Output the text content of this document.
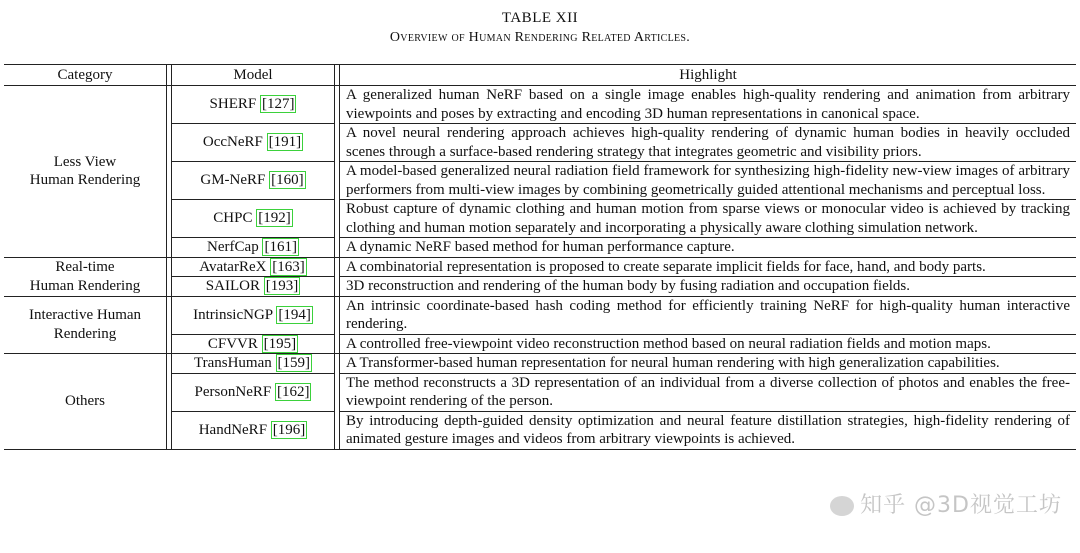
TABLE XII
Overview of Human Rendering Related Articles.
Category		Model		Highlight

Less View
Human Rendering		SHERF [127]		A generalized human NeRF based on a single image enables high-quality rendering and animation from arbitrary viewpoints and poses by extracting and encoding 3D human representations in canonical space.
		OccNeRF [191]		A novel neural rendering approach achieves high-quality rendering of dynamic human bodies in heavily occluded scenes through a surface-based rendering strategy that integrates geometric and visibility priors.
		GM-NeRF [160]		A model-based generalized neural radiation field framework for synthesizing high-fidelity new-view images of arbitrary performers from multi-view images by combining geometrically guided attentional mechanisms and perceptual loss.
		CHPC [192]		Robust capture of dynamic clothing and human motion from sparse views or monocular video is achieved by tracking clothing and human motion separately and incorporating a physically aware clothing simulation network.
		NerfCap [161]		A dynamic NeRF based method for human performance capture.

Real-time
Human Rendering		AvatarReX [163]		A combinatorial representation is proposed to create separate implicit fields for face, hand, and body parts.
		SAILOR [193]		3D reconstruction and rendering of the human body by fusing radiation and occupation fields.

Interactive Human
Rendering		IntrinsicNGP [194]		An intrinsic coordinate-based hash coding method for efficiently training NeRF for high-quality human interactive rendering.
		CFVVR [195]		A controlled free-viewpoint video reconstruction method based on neural radiation fields and motion maps.

Others		TransHuman [159]		A Transformer-based human representation for neural human rendering with high generalization capabilities.
		PersonNeRF [162]		The method reconstructs a 3D representation of an individual from a diverse collection of photos and enables the free-viewpoint rendering of the person.
		HandNeRF [196]		By introducing depth-guided density optimization and neural feature distillation strategies, high-fidelity rendering of animated gesture images and videos from arbitrary viewpoints is achieved.
知乎 @3D视觉工坊
